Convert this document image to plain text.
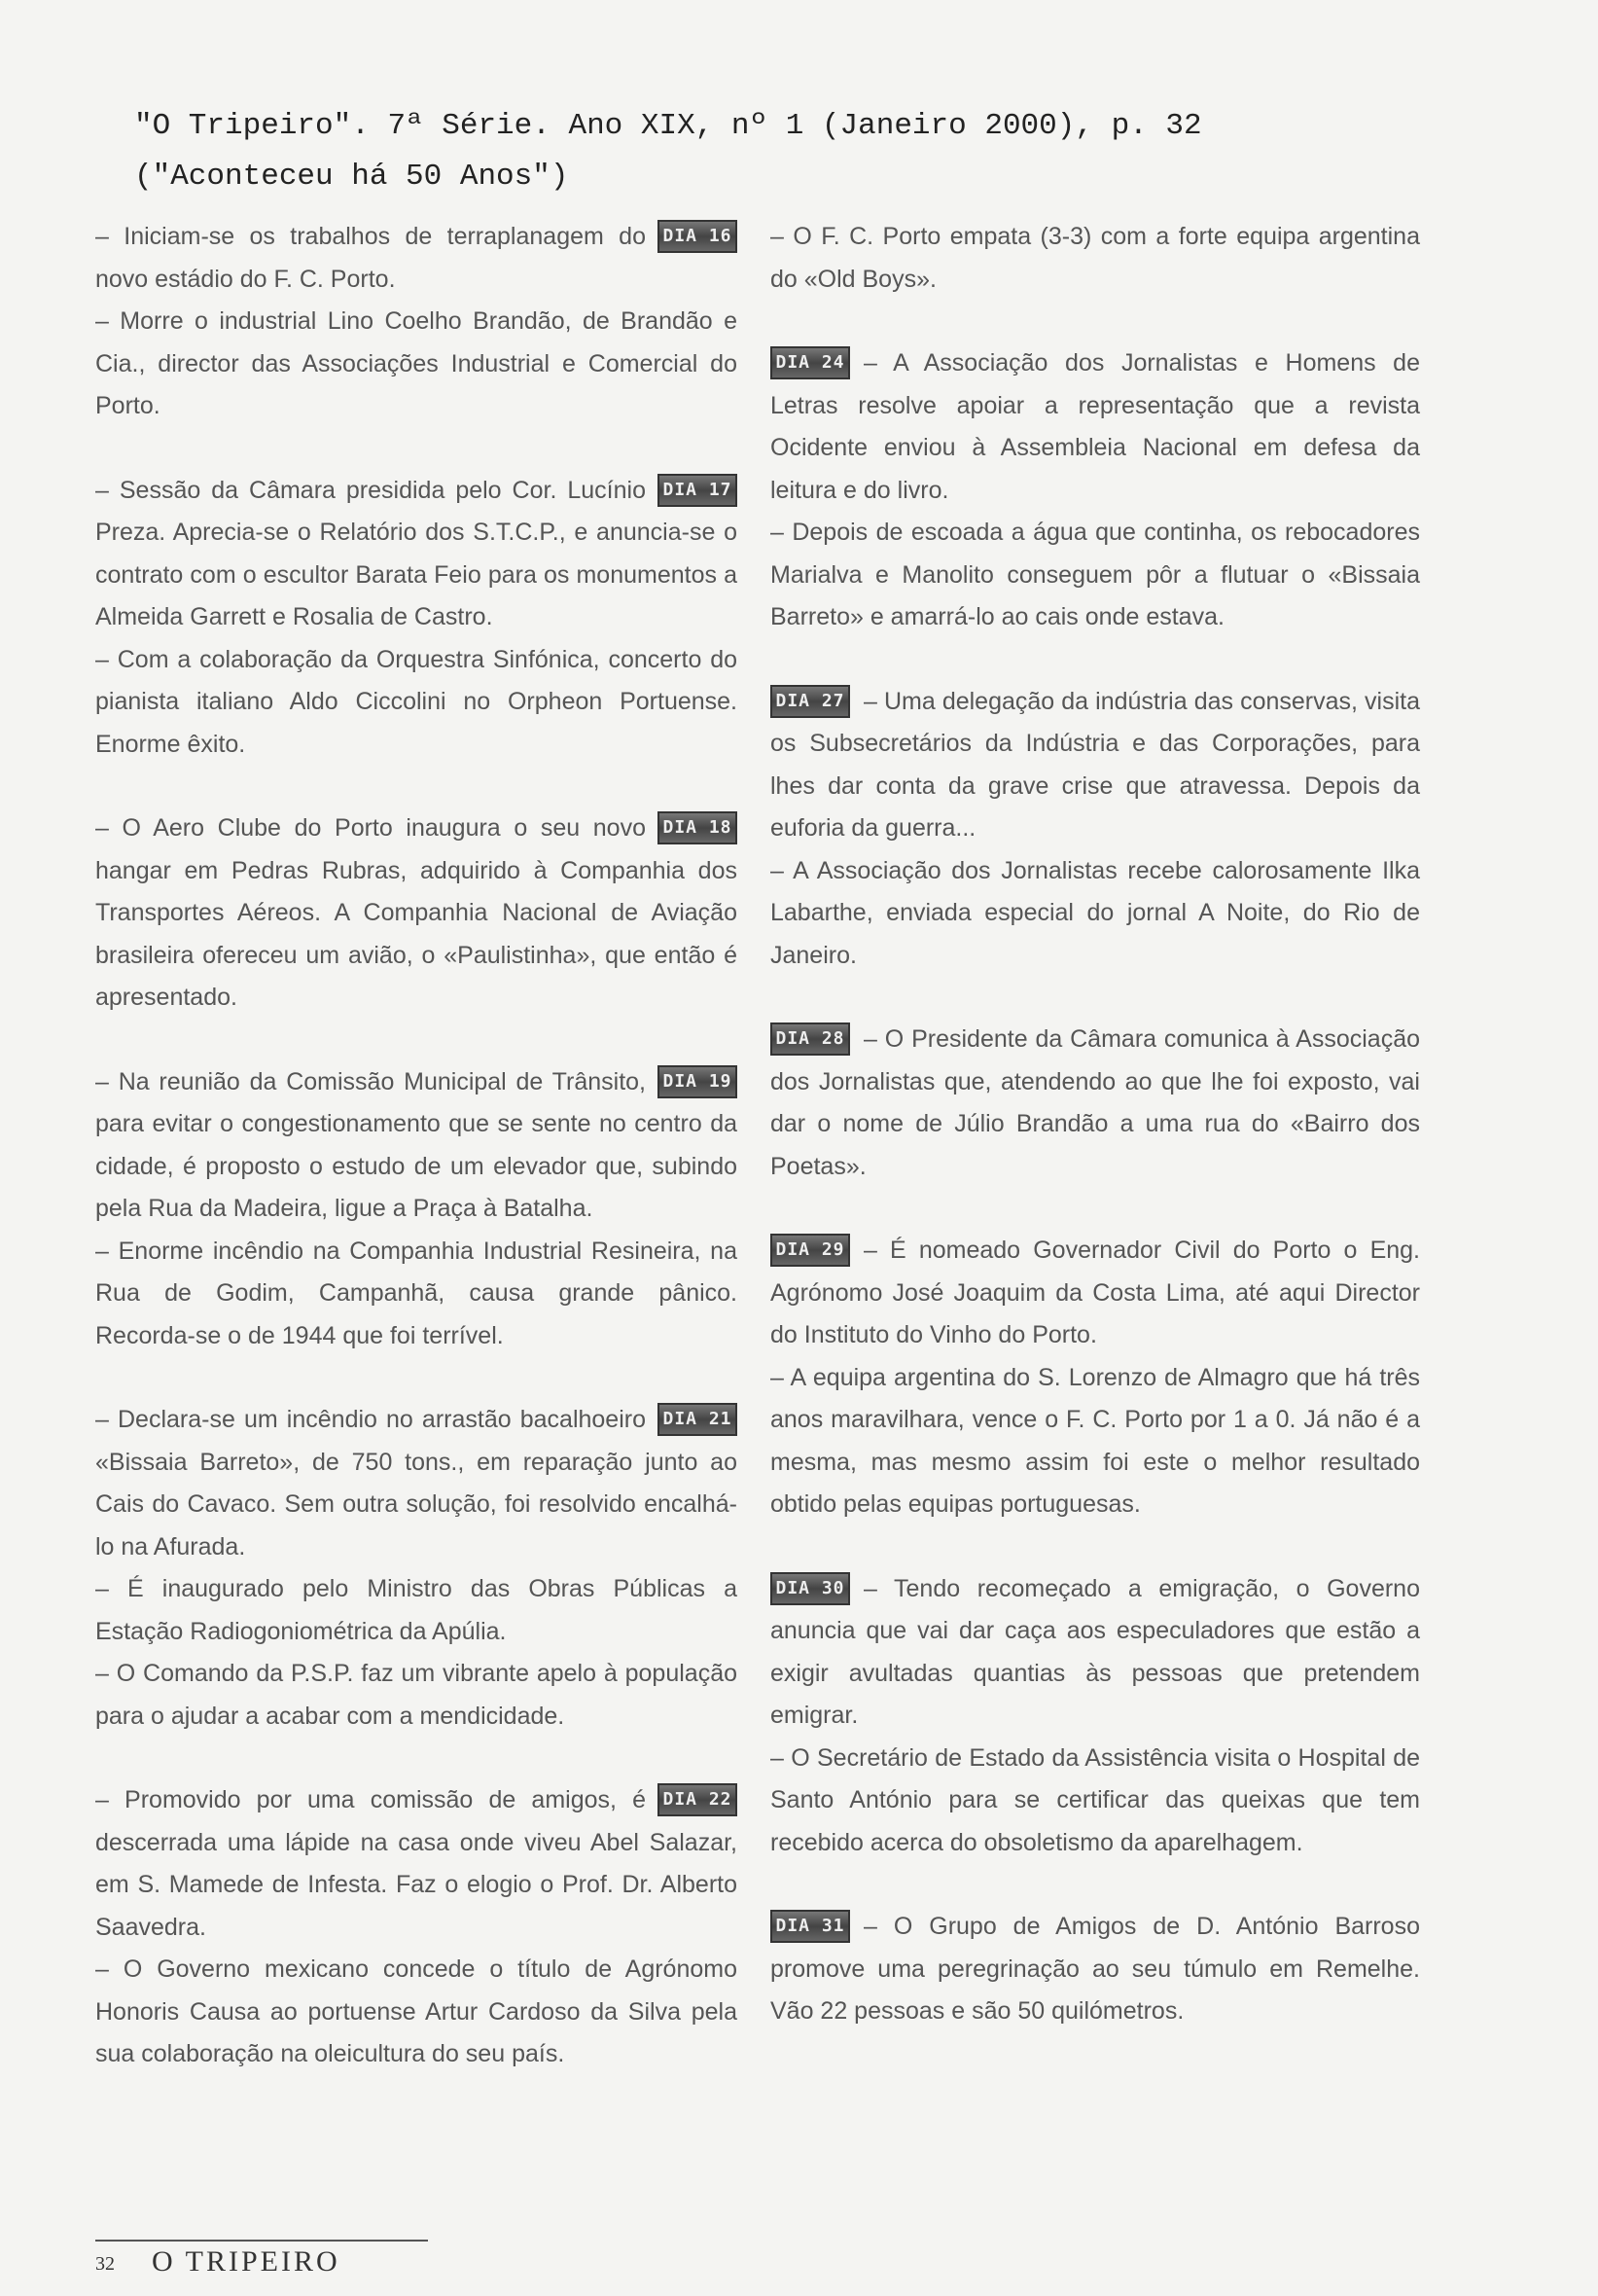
"O Tripeiro". 7ª Série. Ano XIX, nº 1 (Janeiro 2000), p. 32
("Aconteceu há 50 Anos")
DIA 16

– Iniciam-se os trabalhos de terraplanagem do novo estádio do F. C. Porto.

– Morre o industrial Lino Coelho Brandão, de Brandão e Cia., director das Associações Industrial e Comercial do Porto.

DIA 17

– Sessão da Câmara presidida pelo Cor. Lucínio Preza. Aprecia-se o Relatório dos S.T.C.P., e anuncia-se o contrato com o escultor Barata Feio para os monumentos a Almeida Garrett e Rosalia de Castro.

– Com a colaboração da Orquestra Sinfónica, concerto do pianista italiano Aldo Ciccolini no Orpheon Portuense. Enorme êxito.

DIA 18

– O Aero Clube do Porto inaugura o seu novo hangar em Pedras Rubras, adquirido à Companhia dos Transportes Aéreos. A Companhia Nacional de Aviação brasileira ofereceu um avião, o «Paulistinha», que então é apresentado.

DIA 19

– Na reunião da Comissão Municipal de Trânsito, para evitar o congestionamento que se sente no centro da cidade, é proposto o estudo de um elevador que, subindo pela Rua da Madeira, ligue a Praça à Batalha.

– Enorme incêndio na Companhia Industrial Resineira, na Rua de Godim, Campanhã, causa grande pânico. Recorda-se o de 1944 que foi terrível.

DIA 21

– Declara-se um incêndio no arrastão bacalhoeiro «Bissaia Barreto», de 750 tons., em reparação junto ao Cais do Cavaco. Sem outra solução, foi resolvido encalhá-lo na Afurada.

– É inaugurado pelo Ministro das Obras Públicas a Estação Radiogoniométrica da Apúlia.

– O Comando da P.S.P. faz um vibrante apelo à população para o ajudar a acabar com a mendicidade.

DIA 22

– Promovido por uma comissão de amigos, é descerrada uma lápide na casa onde viveu Abel Salazar, em S. Mamede de Infesta. Faz o elogio o Prof. Dr. Alberto Saavedra.

– O Governo mexicano concede o título de Agrónomo Honoris Causa ao portuense Artur Cardoso da Silva pela sua colaboração na oleicultura do seu país.

– O F. C. Porto empata (3-3) com a forte equipa argentina do «Old Boys».

DIA 24 – A Associação dos Jornalistas e Homens de Letras resolve apoiar a representação que a revista Ocidente enviou à Assembleia Nacional em defesa da leitura e do livro.

– Depois de escoada a água que continha, os rebocadores Marialva e Manolito conseguem pôr a flutuar o «Bissaia Barreto» e amarrá-lo ao cais onde estava.

DIA 27 – Uma delegação da indústria das conservas, visita os Subsecretários da Indústria e das Corporações, para lhes dar conta da grave crise que atravessa. Depois da euforia da guerra...

– A Associação dos Jornalistas recebe calorosamente Ilka Labarthe, enviada especial do jornal A Noite, do Rio de Janeiro.

DIA 28 – O Presidente da Câmara comunica à Associação dos Jornalistas que, atendendo ao que lhe foi exposto, vai dar o nome de Júlio Brandão a uma rua do «Bairro dos Poetas».

DIA 29 – É nomeado Governador Civil do Porto o Eng. Agrónomo José Joaquim da Costa Lima, até aqui Director do Instituto do Vinho do Porto.

– A equipa argentina do S. Lorenzo de Almagro que há três anos maravilhara, vence o F. C. Porto por 1 a 0. Já não é a mesma, mas mesmo assim foi este o melhor resultado obtido pelas equipas portuguesas.

DIA 30 – Tendo recomeçado a emigração, o Governo anuncia que vai dar caça aos especuladores que estão a exigir avultadas quantias às pessoas que pretendem emigrar.

– O Secretário de Estado da Assistência visita o Hospital de Santo António para se certificar das queixas que tem recebido acerca do obsoletismo da aparelhagem.

DIA 31 – O Grupo de Amigos de D. António Barroso promove uma peregrinação ao seu túmulo em Remelhe. Vão 22 pessoas e são 50 quilómetros.

32 O TRIPEIRO
